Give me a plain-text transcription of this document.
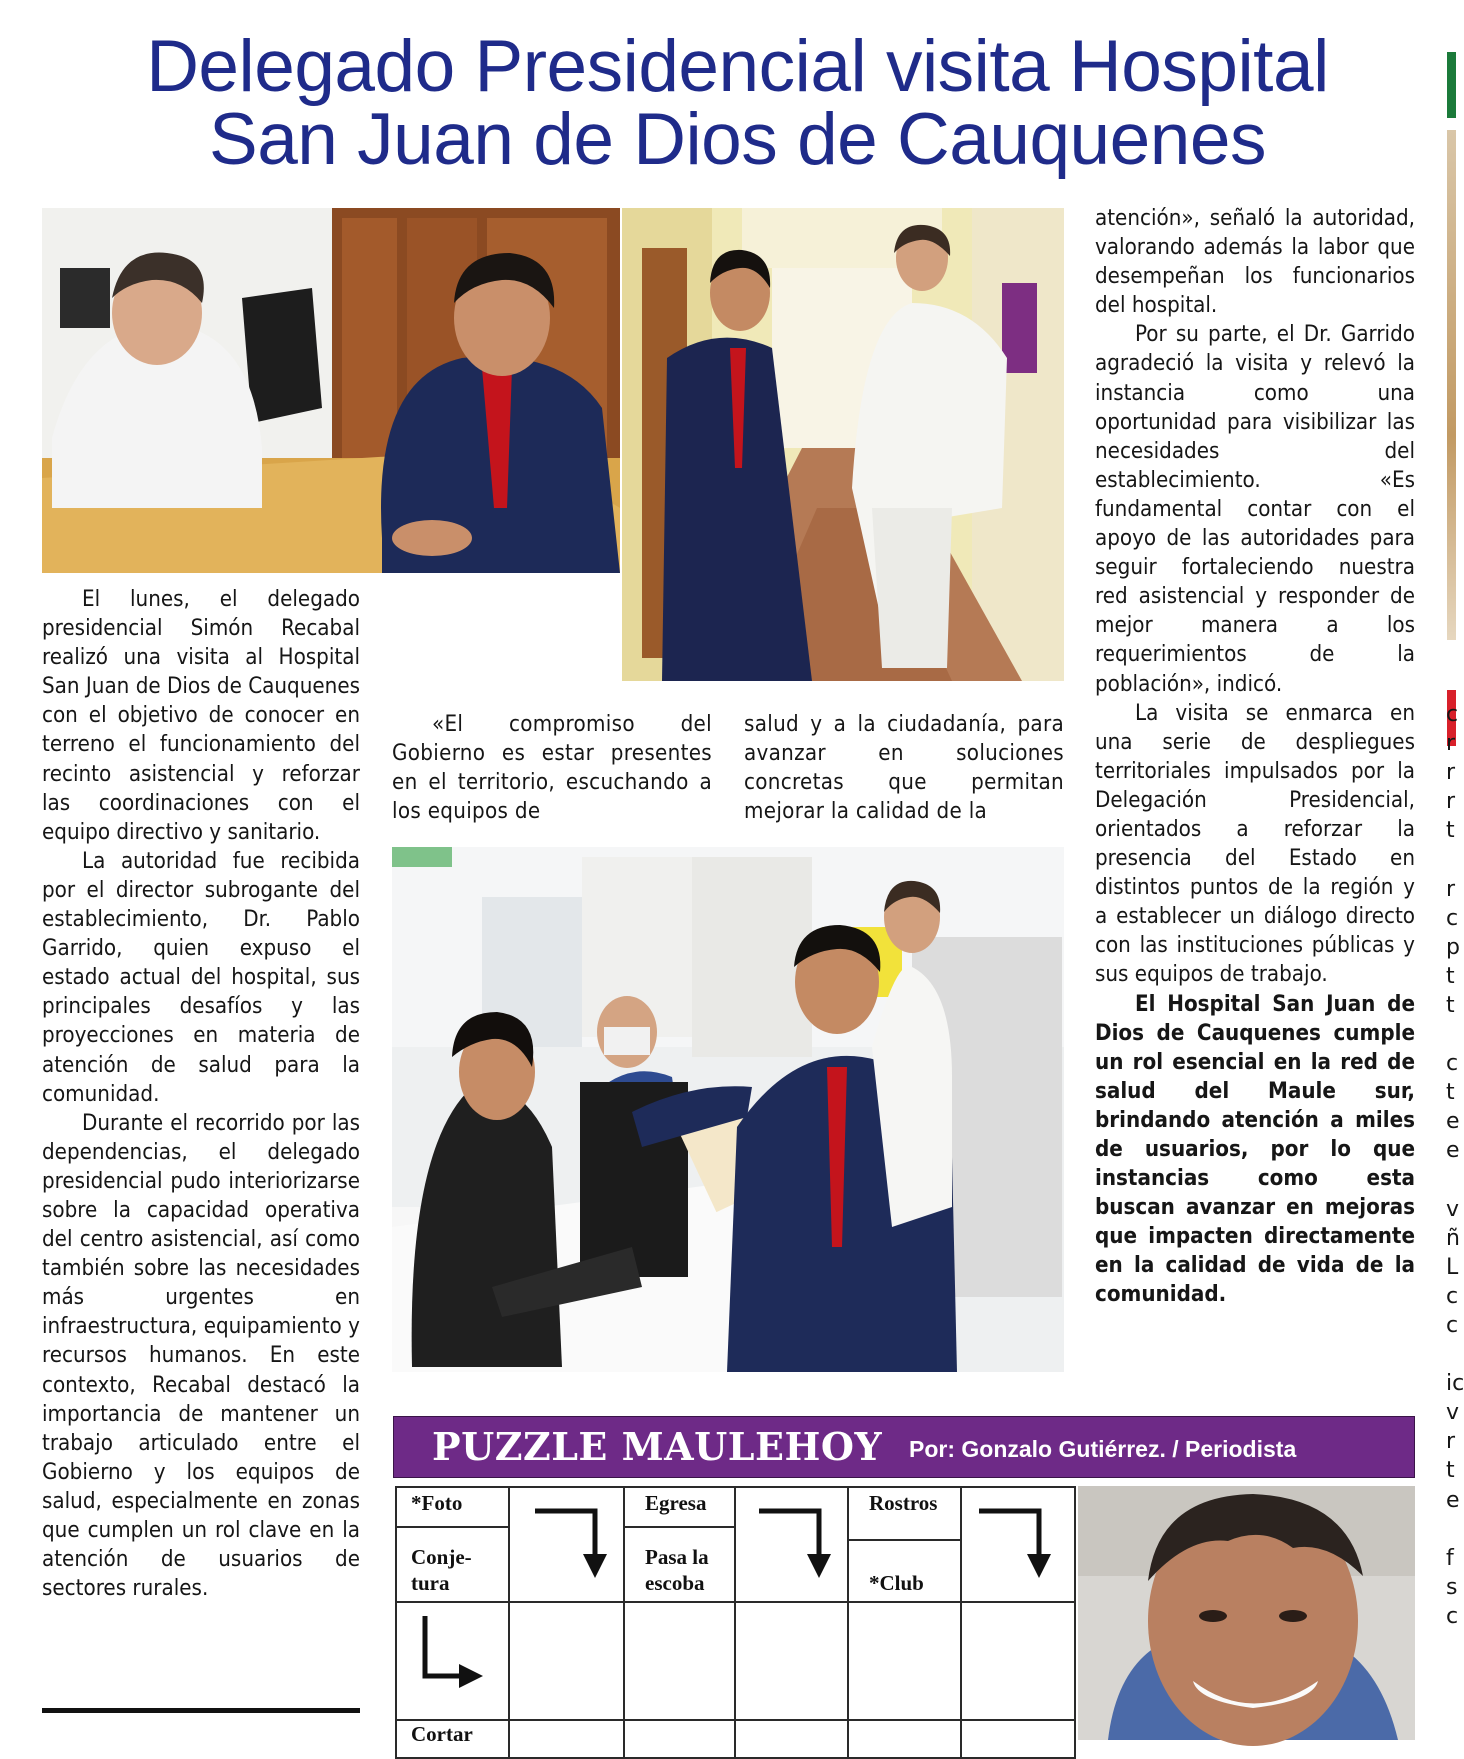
Delegado Presidencial visita Hospital
San Juan de Dios de Cauquenes

El lunes, el delegado presidencial Simón Recabal realizó una visita al Hospital San Juan de Dios de Cauquenes con el objetivo de conocer en terreno el funcionamiento del recinto asistencial y reforzar las coordinaciones con el equipo directivo y sanitario.

La autoridad fue recibida por el director subrogante del establecimiento, Dr. Pablo Garrido, quien expuso el estado actual del hospital, sus principales desafíos y las proyecciones en materia de atención de salud para la comunidad.

Durante el recorrido por las dependencias, el delegado presidencial pudo interiorizarse sobre la capacidad operativa del centro asistencial, así como también sobre las necesidades más urgentes en infraestructura, equipamiento y recursos humanos. En este contexto, Recabal destacó la importancia de mantener un trabajo articulado entre el Gobierno y los equipos de salud, especialmente en zonas que cumplen un rol clave en la atención de usuarios de sectores rurales.

«El compromiso del Gobierno es estar presentes en el territorio, escuchando a los equipos de

salud y a la ciudadanía, para avanzar en soluciones concretas que permitan mejorar la calidad de la

atención», señaló la autoridad, valorando además la labor que desempeñan los funcionarios del hospital.

Por su parte, el Dr. Garrido agradeció la visita y relevó la instancia como una oportunidad para visibilizar las necesidades del establecimiento. «Es fundamental contar con el apoyo de las autoridades para seguir fortaleciendo nuestra red asistencial y responder de mejor manera a los requerimientos de la población», indicó.

La visita se enmarca en una serie de despliegues territoriales impulsados por la Delegación Presidencial, orientados a reforzar la presencia del Estado en distintos puntos de la región y a establecer un diálogo directo con las instituciones públicas y sus equipos de trabajo.

El Hospital San Juan de Dios de Cauquenes cumple un rol esencial en la red de salud del Maule sur, brindando atención a miles de usuarios, por lo que instancias como esta buscan avanzar en mejoras que impacten directamente en la calidad de vida de la comunidad.

PUZZLE MAULEHOY Por: Gonzalo Gutiérrez. / Periodista
*Foto
Conje-
tura
Egresa
Pasa la
escoba
Rostros
*Club
Cortar
c
r
r
r
t

r
c
p
t
t

c
t
e
e

v
ñ
L
c
c

ic
v
r
t
e

f
s
c
